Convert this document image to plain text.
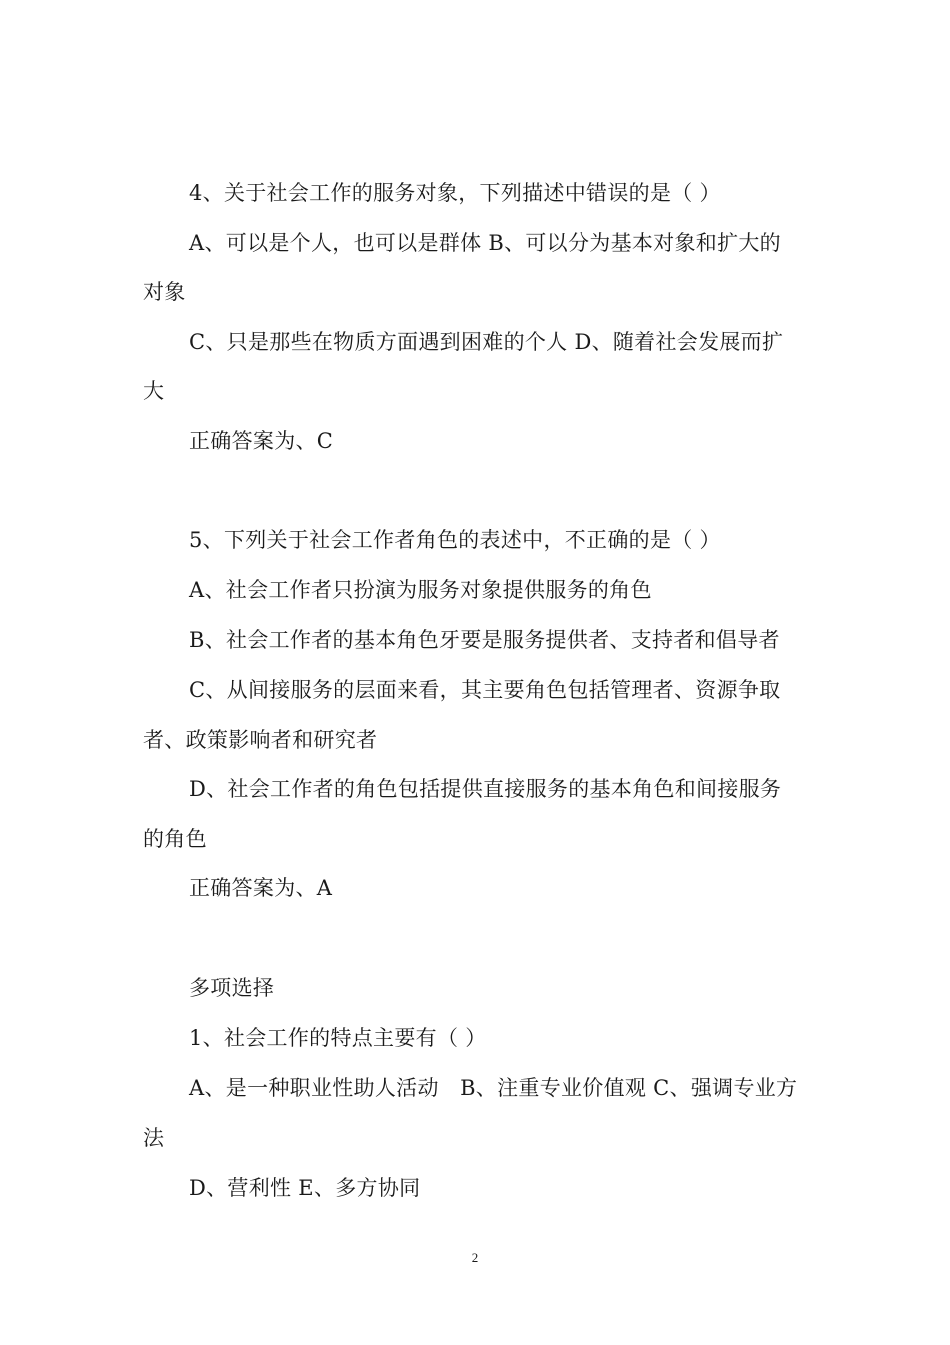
4、关于社会工作的服务对象，下列描述中错误的是（ ）
A、可以是个人，也可以是群体 B、可以分为基本对象和扩大的
对象
C、只是那些在物质方面遇到困难的个人 D、随着社会发展而扩
大
正确答案为、C
5、下列关于社会工作者角色的表述中，不正确的是（ ）
A、社会工作者只扮演为服务对象提供服务的角色
B、社会工作者的基本角色牙要是服务提供者、支持者和倡导者
C、从间接服务的层面来看，其主要角色包括管理者、资源争取
者、政策影响者和研究者
D、社会工作者的角色包括提供直接服务的基本角色和间接服务
的角色
正确答案为、A
多项选择
1、社会工作的特点主要有（ ）
A、是一种职业性助人活动　B、注重专业价值观 C、强调专业方
法
D、营利性 E、多方协同
2
